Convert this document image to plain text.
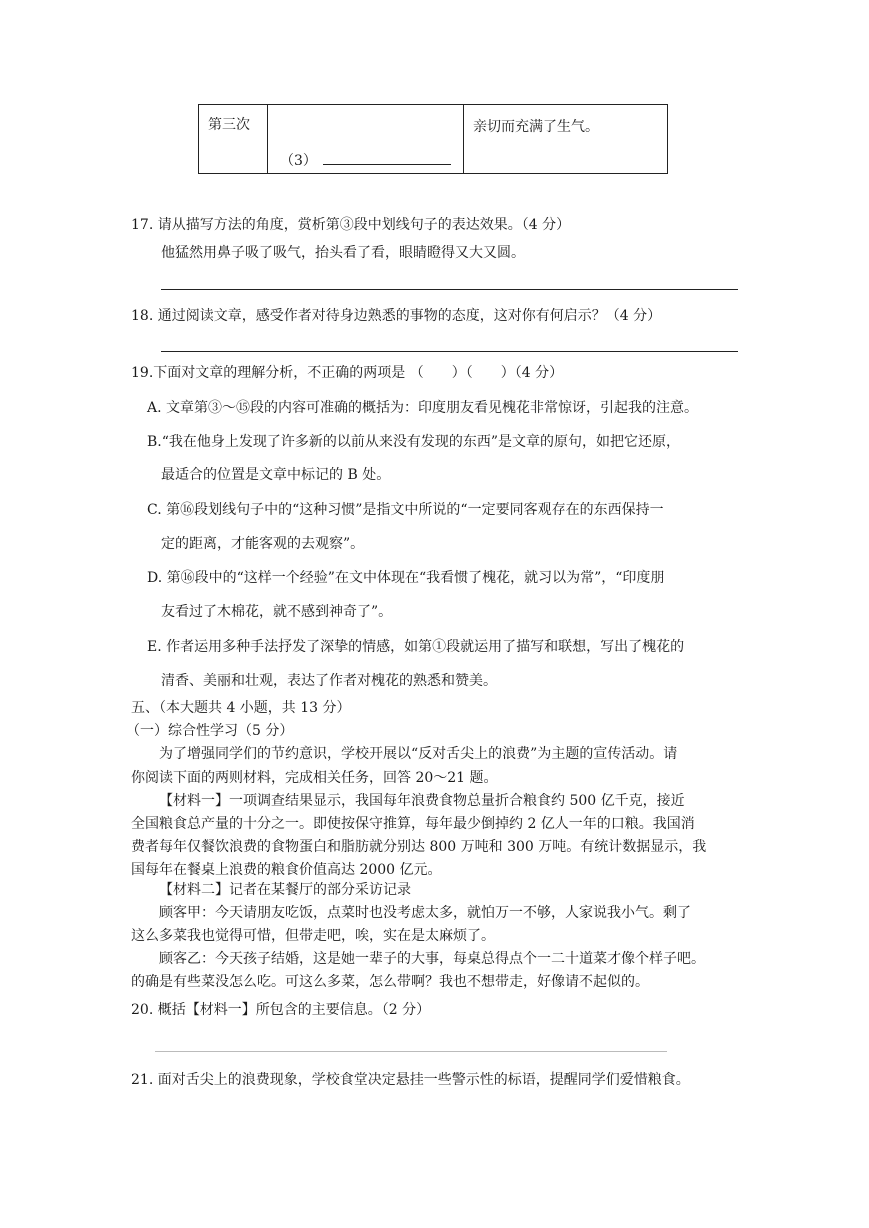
第三次
（3）
亲切而充满了生气。
17. 请从描写方法的角度，赏析第③段中划线句子的表达效果。（4 分）
他猛然用鼻子吸了吸气，抬头看了看，眼睛瞪得又大又圆。
18. 通过阅读文章，感受作者对待身边熟悉的事物的态度，这对你有何启示？（4 分）
19.下面对文章的理解分析，不正确的两项是 （　　）（　　）（4 分）
A. 文章第③～⑮段的内容可准确的概括为：印度朋友看见槐花非常惊讶，引起我的注意。
B.“我在他身上发现了许多新的以前从来没有发现的东西”是文章的原句，如把它还原，
最适合的位置是文章中标记的 B 处。
C. 第⑯段划线句子中的“这种习惯”是指文中所说的“一定要同客观存在的东西保持一
定的距离，才能客观的去观察”。
D. 第⑯段中的“这样一个经验”在文中体现在“我看惯了槐花，就习以为常”，“印度朋
友看过了木棉花，就不感到神奇了”。
E. 作者运用多种手法抒发了深挚的情感，如第①段就运用了描写和联想，写出了槐花的
清香、美丽和壮观，表达了作者对槐花的熟悉和赞美。
五、（本大题共 4 小题，共 13 分）
（一）综合性学习（5 分）
为了增强同学们的节约意识，学校开展以“反对舌尖上的浪费”为主题的宣传活动。请
你阅读下面的两则材料，完成相关任务，回答 20～21 题。
【材料一】一项调查结果显示，我国每年浪费食物总量折合粮食约 500 亿千克，接近
全国粮食总产量的十分之一。即使按保守推算，每年最少倒掉约 2 亿人一年的口粮。我国消
费者每年仅餐饮浪费的食物蛋白和脂肪就分别达 800 万吨和 300 万吨。有统计数据显示，我
国每年在餐桌上浪费的粮食价值高达 2000 亿元。
【材料二】记者在某餐厅的部分采访记录
顾客甲：今天请朋友吃饭，点菜时也没考虑太多，就怕万一不够，人家说我小气。剩了
这么多菜我也觉得可惜，但带走吧，唉，实在是太麻烦了。
顾客乙：今天孩子结婚，这是她一辈子的大事，每桌总得点个一二十道菜才像个样子吧。
的确是有些菜没怎么吃。可这么多菜，怎么带啊？我也不想带走，好像请不起似的。
20. 概括【材料一】所包含的主要信息。（2 分）
21. 面对舌尖上的浪费现象，学校食堂决定悬挂一些警示性的标语，提醒同学们爱惜粮食。
